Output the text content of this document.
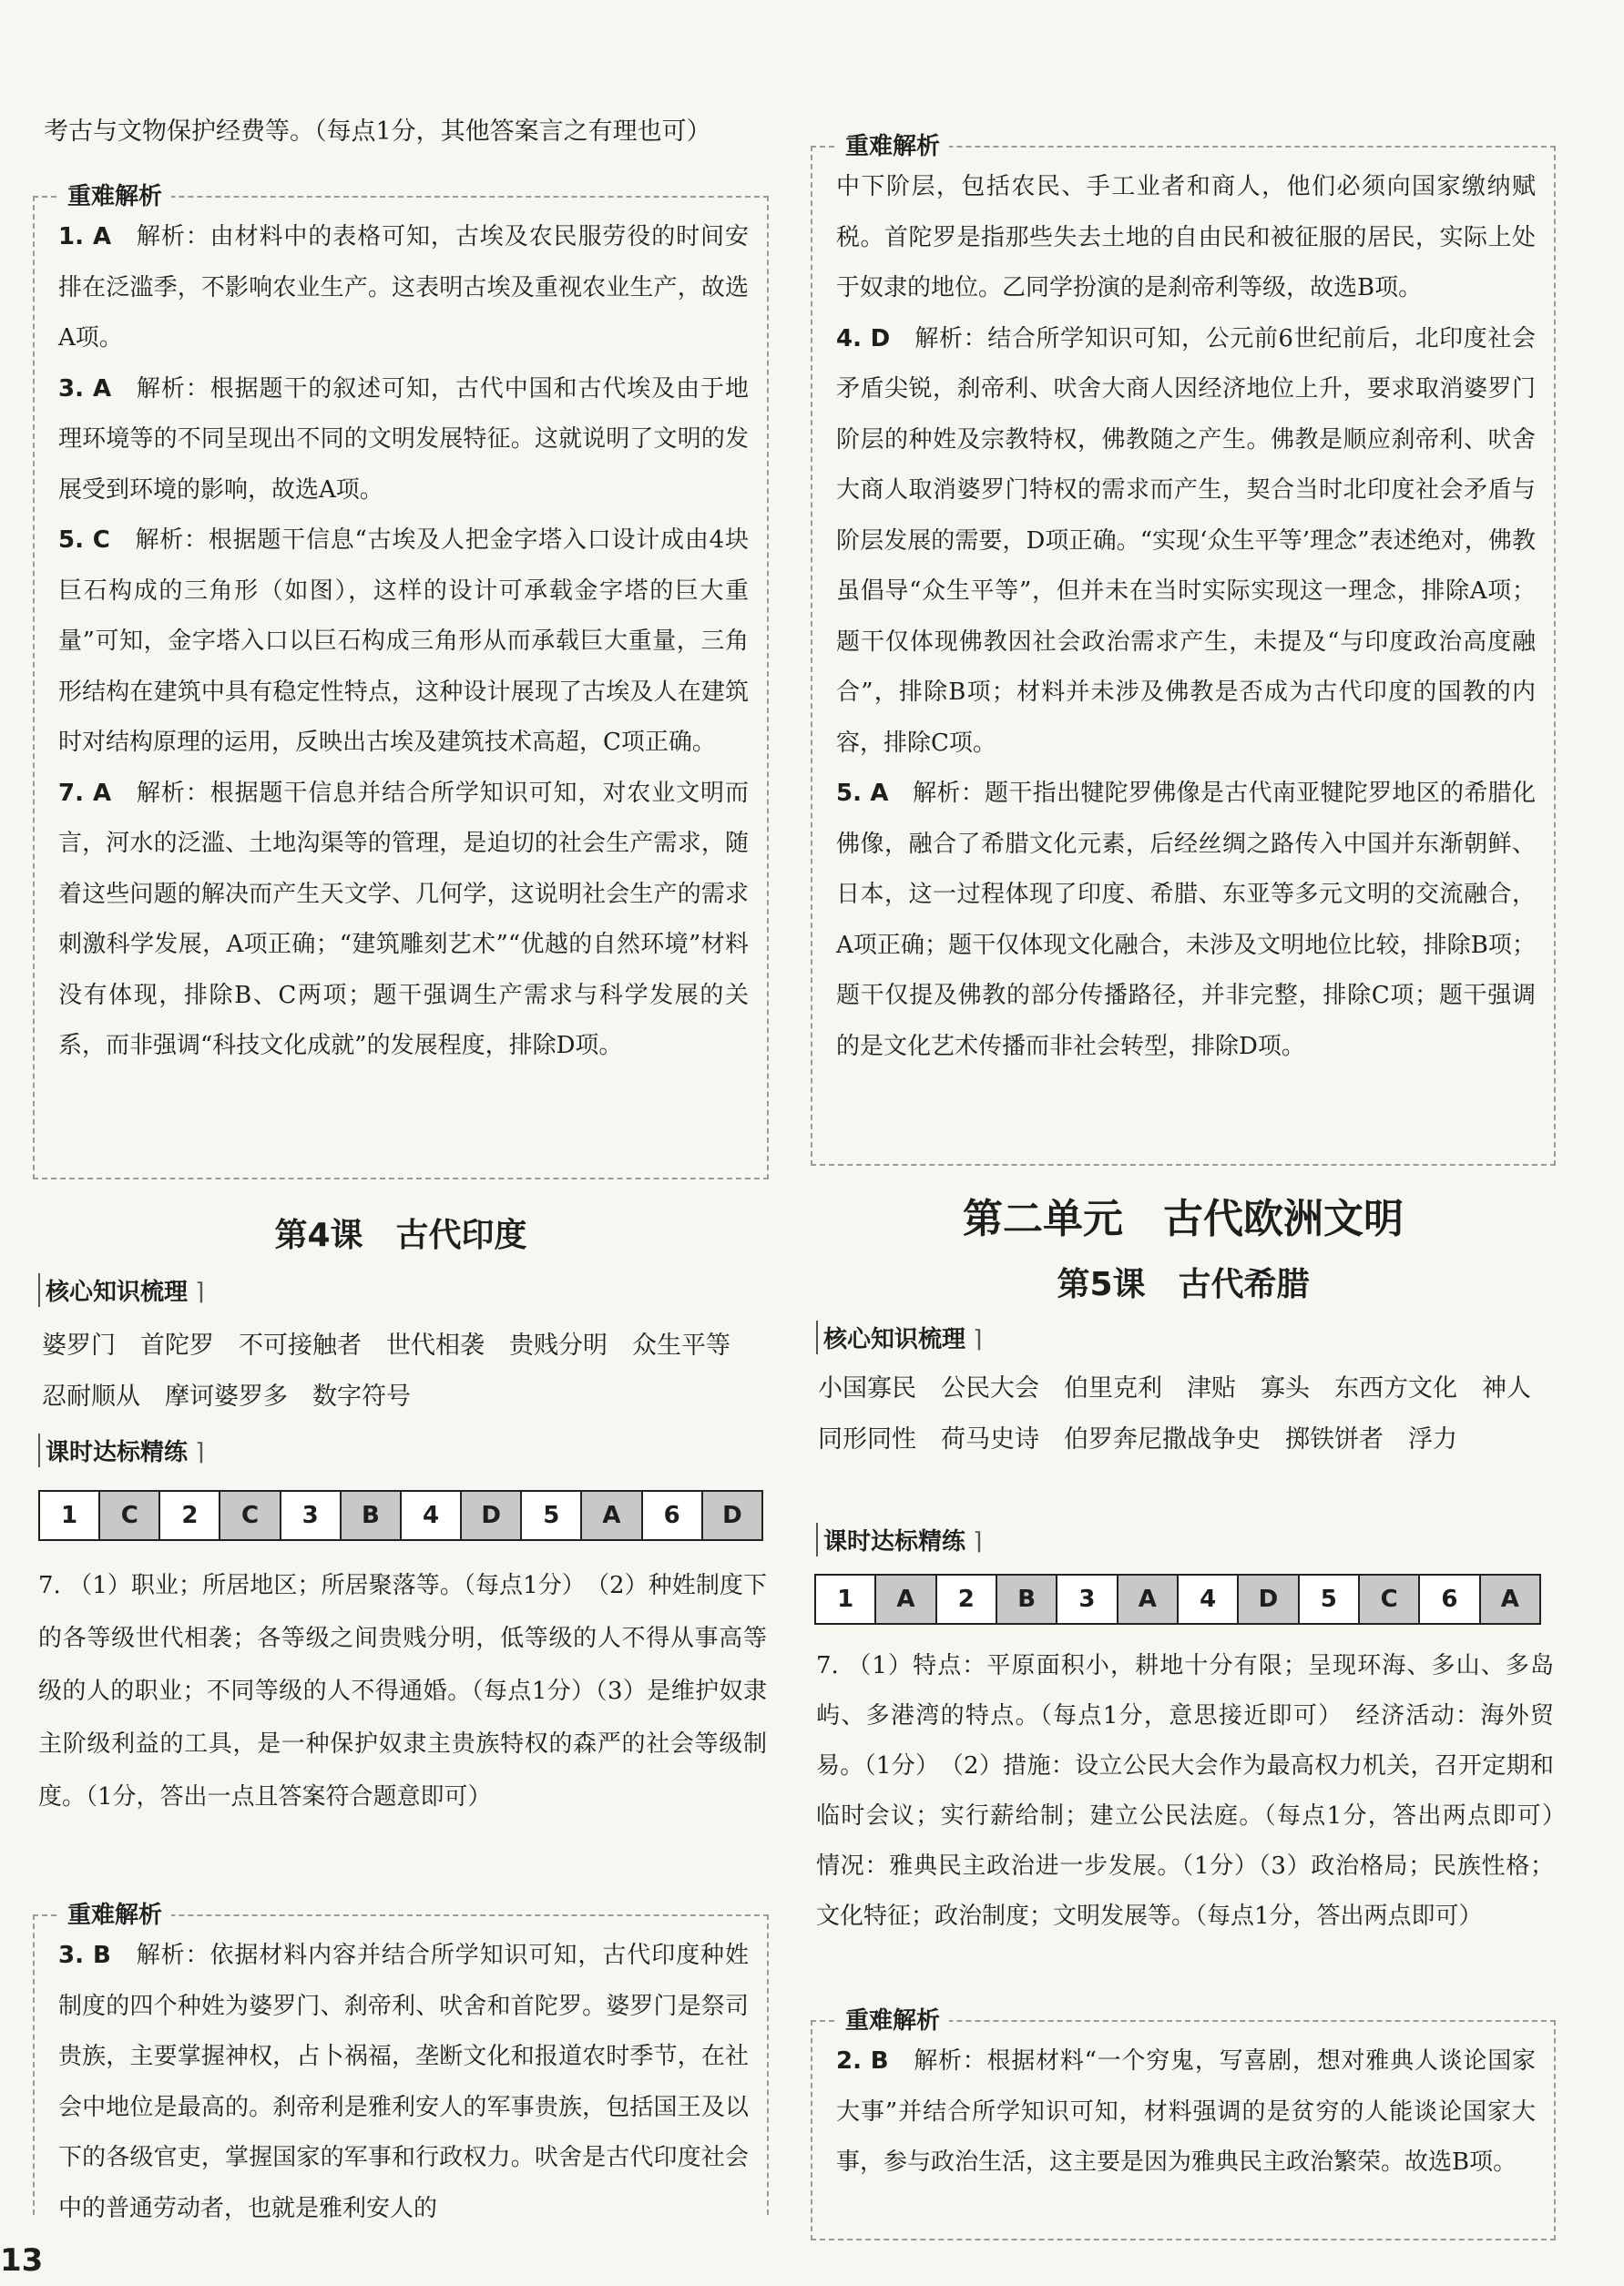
考古与文物保护经费等。（每点1分，其他答案言之有理也可）
重难解析

1. A　 解析：由材料中的表格可知，古埃及农民服劳役的时间安排在泛滥季，不影响农业生产。这表明古埃及重视农业生产，故选A项。

3. A　 解析：根据题干的叙述可知，古代中国和古代埃及由于地理环境等的不同呈现出不同的文明发展特征。这就说明了文明的发展受到环境的影响，故选A项。

5. C　 解析：根据题干信息“古埃及人把金字塔入口设计成由4块巨石构成的三角形（如图），这样的设计可承载金字塔的巨大重量”可知，金字塔入口以巨石构成三角形从而承载巨大重量，三角形结构在建筑中具有稳定性特点，这种设计展现了古埃及人在建筑时对结构原理的运用，反映出古埃及建筑技术高超，C项正确。

7. A　 解析：根据题干信息并结合所学知识可知，对农业文明而言，河水的泛滥、土地沟渠等的管理，是迫切的社会生产需求，随着这些问题的解决而产生天文学、几何学，这说明社会生产的需求刺激科学发展，A项正确；“建筑雕刻艺术”“优越的自然环境”材料没有体现，排除B、C两项；题干强调生产需求与科学发展的关系，而非强调“科技文化成就”的发展程度，排除D项。

第4课　古代印度
核心知识梳理 ⌉

婆罗门　首陀罗　不可接触者　世代相袭　贵贱分明　众生平等　忍耐顺从　摩诃婆罗多　数字符号

课时达标精练 ⌉
1	C	2	C	3	B	4	D	5	A	6	D

7. （1）职业；所居地区；所居聚落等。（每点1分）　（2）种姓制度下的各等级世代相袭；各等级之间贵贱分明，低等级的人不得从事高等级的人的职业；不同等级的人不得通婚。（每点1分）（3）是维护奴隶主阶级利益的工具，是一种保护奴隶主贵族特权的森严的社会等级制度。（1分，答出一点且答案符合题意即可）

重难解析

3. B　 解析：依据材料内容并结合所学知识可知，古代印度种姓制度的四个种姓为婆罗门、刹帝利、吠舍和首陀罗。婆罗门是祭司贵族，主要掌握神权，占卜祸福，垄断文化和报道农时季节，在社会中地位是最高的。刹帝利是雅利安人的军事贵族，包括国王及以下的各级官吏，掌握国家的军事和行政权力。吠舍是古代印度社会中的普通劳动者，也就是雅利安人的

重难解析

中下阶层，包括农民、手工业者和商人，他们必须向国家缴纳赋税。首陀罗是指那些失去土地的自由民和被征服的居民，实际上处于奴隶的地位。乙同学扮演的是刹帝利等级，故选B项。

4. D　 解析：结合所学知识可知，公元前6世纪前后，北印度社会矛盾尖锐，刹帝利、吠舍大商人因经济地位上升，要求取消婆罗门阶层的种姓及宗教特权，佛教随之产生。佛教是顺应刹帝利、吠舍大商人取消婆罗门特权的需求而产生，契合当时北印度社会矛盾与阶层发展的需要，D项正确。“实现‘众生平等’理念”表述绝对，佛教虽倡导“众生平等”，但并未在当时实际实现这一理念，排除A项；题干仅体现佛教因社会政治需求产生，未提及“与印度政治高度融合”，排除B项；材料并未涉及佛教是否成为古代印度的国教的内容，排除C项。

5. A　 解析：题干指出犍陀罗佛像是古代南亚犍陀罗地区的希腊化佛像，融合了希腊文化元素，后经丝绸之路传入中国并东渐朝鲜、日本，这一过程体现了印度、希腊、东亚等多元文明的交流融合，A项正确；题干仅体现文化融合，未涉及文明地位比较，排除B项；题干仅提及佛教的部分传播路径，并非完整，排除C项；题干强调的是文化艺术传播而非社会转型，排除D项。

第二单元　古代欧洲文明
第5课　古代希腊
核心知识梳理 ⌉

小国寡民　公民大会　伯里克利　津贴　寡头　东西方文化　神人同形同性　荷马史诗　伯罗奔尼撒战争史　掷铁饼者　浮力

课时达标精练 ⌉
1	A	2	B	3	A	4	D	5	C	6	A

7. （1）特点：平原面积小，耕地十分有限；呈现环海、多山、多岛屿、多港湾的特点。（每点1分，意思接近即可）　经济活动：海外贸易。（1分）　（2）措施：设立公民大会作为最高权力机关，召开定期和临时会议；实行薪给制；建立公民法庭。（每点1分，答出两点即可）　情况：雅典民主政治进一步发展。（1分）（3）政治格局；民族性格；文化特征；政治制度；文明发展等。（每点1分，答出两点即可）

重难解析

2. B　 解析：根据材料“一个穷鬼，写喜剧，想对雅典人谈论国家大事”并结合所学知识可知，材料强调的是贫穷的人能谈论国家大事，参与政治生活，这主要是因为雅典民主政治繁荣。故选B项。

13
